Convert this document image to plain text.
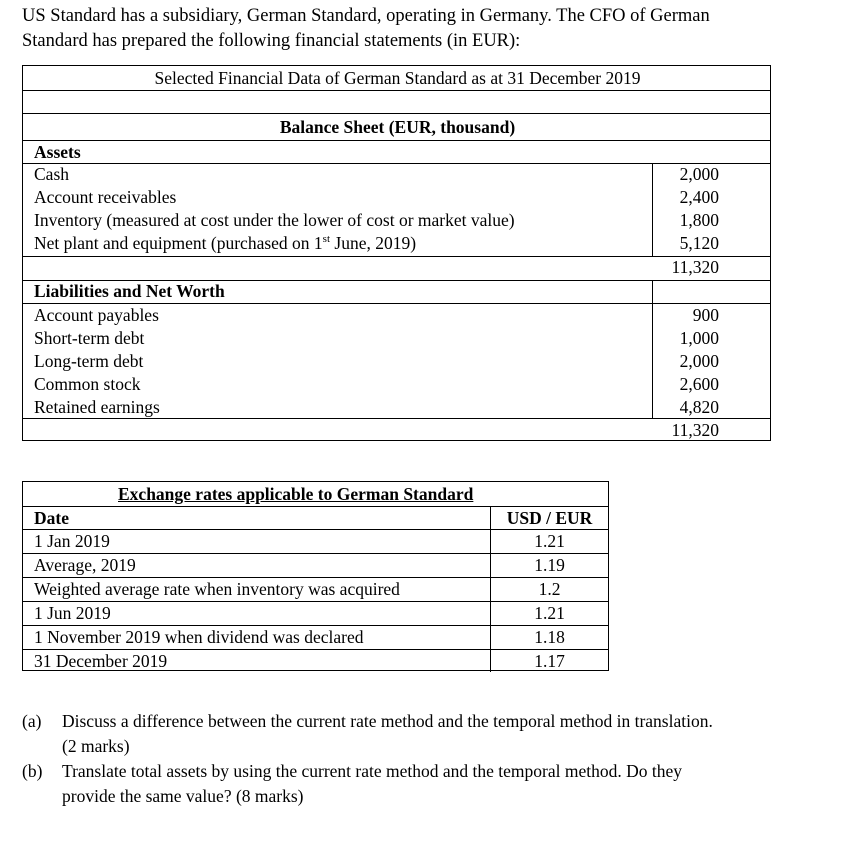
US Standard has a subsidiary, German Standard, operating in Germany. The CFO of German
Standard has prepared the following financial statements (in EUR):
Selected Financial Data of German Standard as at 31 December 2019
Balance Sheet (EUR, thousand)
Assets
Cash
Account receivables
Inventory (measured at cost under the lower of cost or market value)
Net plant and equipment (purchased on 1st June, 2019)
2,000
2,400
1,800
5,120
11,320
Liabilities and Net Worth
Account payables
Short-term debt
Long-term debt
Common stock
Retained earnings
900
1,000
2,000
2,600
4,820
11,320
Exchange rates applicable to German Standard
Date	USD / EUR
1 Jan 2019
Average, 2019
Weighted average rate when inventory was acquired
1 Jun 2019
1 November 2019 when dividend was declared
31 December 2019
1.21
1.19
1.2
1.21
1.18
1.17
(a) Discuss a difference between the current rate method and the temporal method in translation.
(2 marks)
(b) Translate total assets by using the current rate method and the temporal method. Do they
provide the same value? (8 marks)
